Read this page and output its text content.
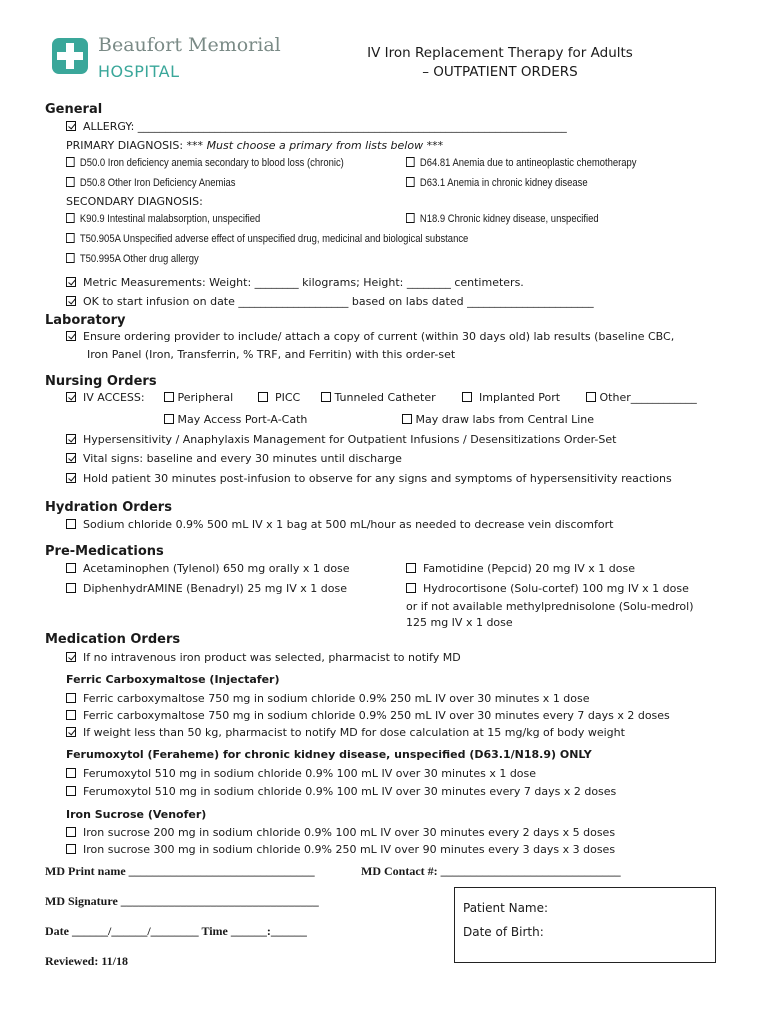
Beaufort Memorial
HOSPITAL
IV Iron Replacement Therapy for Adults
– OUTPATIENT ORDERS
General
ALLERGY: ______________________________________________________________________________
PRIMARY DIAGNOSIS: *** Must choose a primary from lists below ***
D50.0 Iron deficiency anemia secondary to blood loss (chronic)	D64.81 Anemia due to antineoplastic chemotherapy
D50.8 Other Iron Deficiency Anemias	D63.1 Anemia in chronic kidney disease
SECONDARY DIAGNOSIS:
K90.9 Intestinal malabsorption, unspecified	N18.9 Chronic kidney disease, unspecified
T50.905A Unspecified adverse effect of unspecified drug, medicinal and biological substance
T50.995A Other drug allergy
Metric Measurements: Weight: ________ kilograms; Height: ________ centimeters.
OK to start infusion on date ____________________ based on labs dated _______________________
Laboratory
Ensure ordering provider to include/ attach a copy of current (within 30 days old) lab results (baseline CBC,
Iron Panel (Iron, Transferrin, % TRF, and Ferritin) with this order-set
Nursing Orders
IV ACCESS:	Peripheral	PICC	Tunneled Catheter	Implanted Port	Other____________
May Access Port-A-Cath	May draw labs from Central Line
Hypersensitivity / Anaphylaxis Management for Outpatient Infusions / Desensitizations Order-Set
Vital signs: baseline and every 30 minutes until discharge
Hold patient 30 minutes post-infusion to observe for any signs and symptoms of hypersensitivity reactions
Hydration Orders
Sodium chloride 0.9% 500 mL IV x 1 bag at 500 mL/hour as needed to decrease vein discomfort
Pre-Medications
Acetaminophen (Tylenol) 650 mg orally x 1 dose	Famotidine (Pepcid) 20 mg IV x 1 dose
DiphenhydrAMINE (Benadryl) 25 mg IV x 1 dose	Hydrocortisone (Solu-cortef) 100 mg IV x 1 dose
or if not available methylprednisolone (Solu-medrol)
125 mg IV x 1 dose
Medication Orders
If no intravenous iron product was selected, pharmacist to notify MD
Ferric Carboxymaltose (Injectafer)
Ferric carboxymaltose 750 mg in sodium chloride 0.9% 250 mL IV over 30 minutes x 1 dose
Ferric carboxymaltose 750 mg in sodium chloride 0.9% 250 mL IV over 30 minutes every 7 days x 2 doses
If weight less than 50 kg, pharmacist to notify MD for dose calculation at 15 mg/kg of body weight
Ferumoxytol (Feraheme) for chronic kidney disease, unspecified (D63.1/N18.9) ONLY
Ferumoxytol 510 mg in sodium chloride 0.9% 100 mL IV over 30 minutes x 1 dose
Ferumoxytol 510 mg in sodium chloride 0.9% 100 mL IV over 30 minutes every 7 days x 2 doses
Iron Sucrose (Venofer)
Iron sucrose 200 mg in sodium chloride 0.9% 100 mL IV over 30 minutes every 2 days x 5 doses
Iron sucrose 300 mg in sodium chloride 0.9% 250 mL IV over 90 minutes every 3 days x 3 doses
MD Print name _______________________________	MD Contact #: ______________________________
MD Signature _________________________________
Date ______/______/________ Time ______:______
Reviewed: 11/18
Patient Name:
Date of Birth:
